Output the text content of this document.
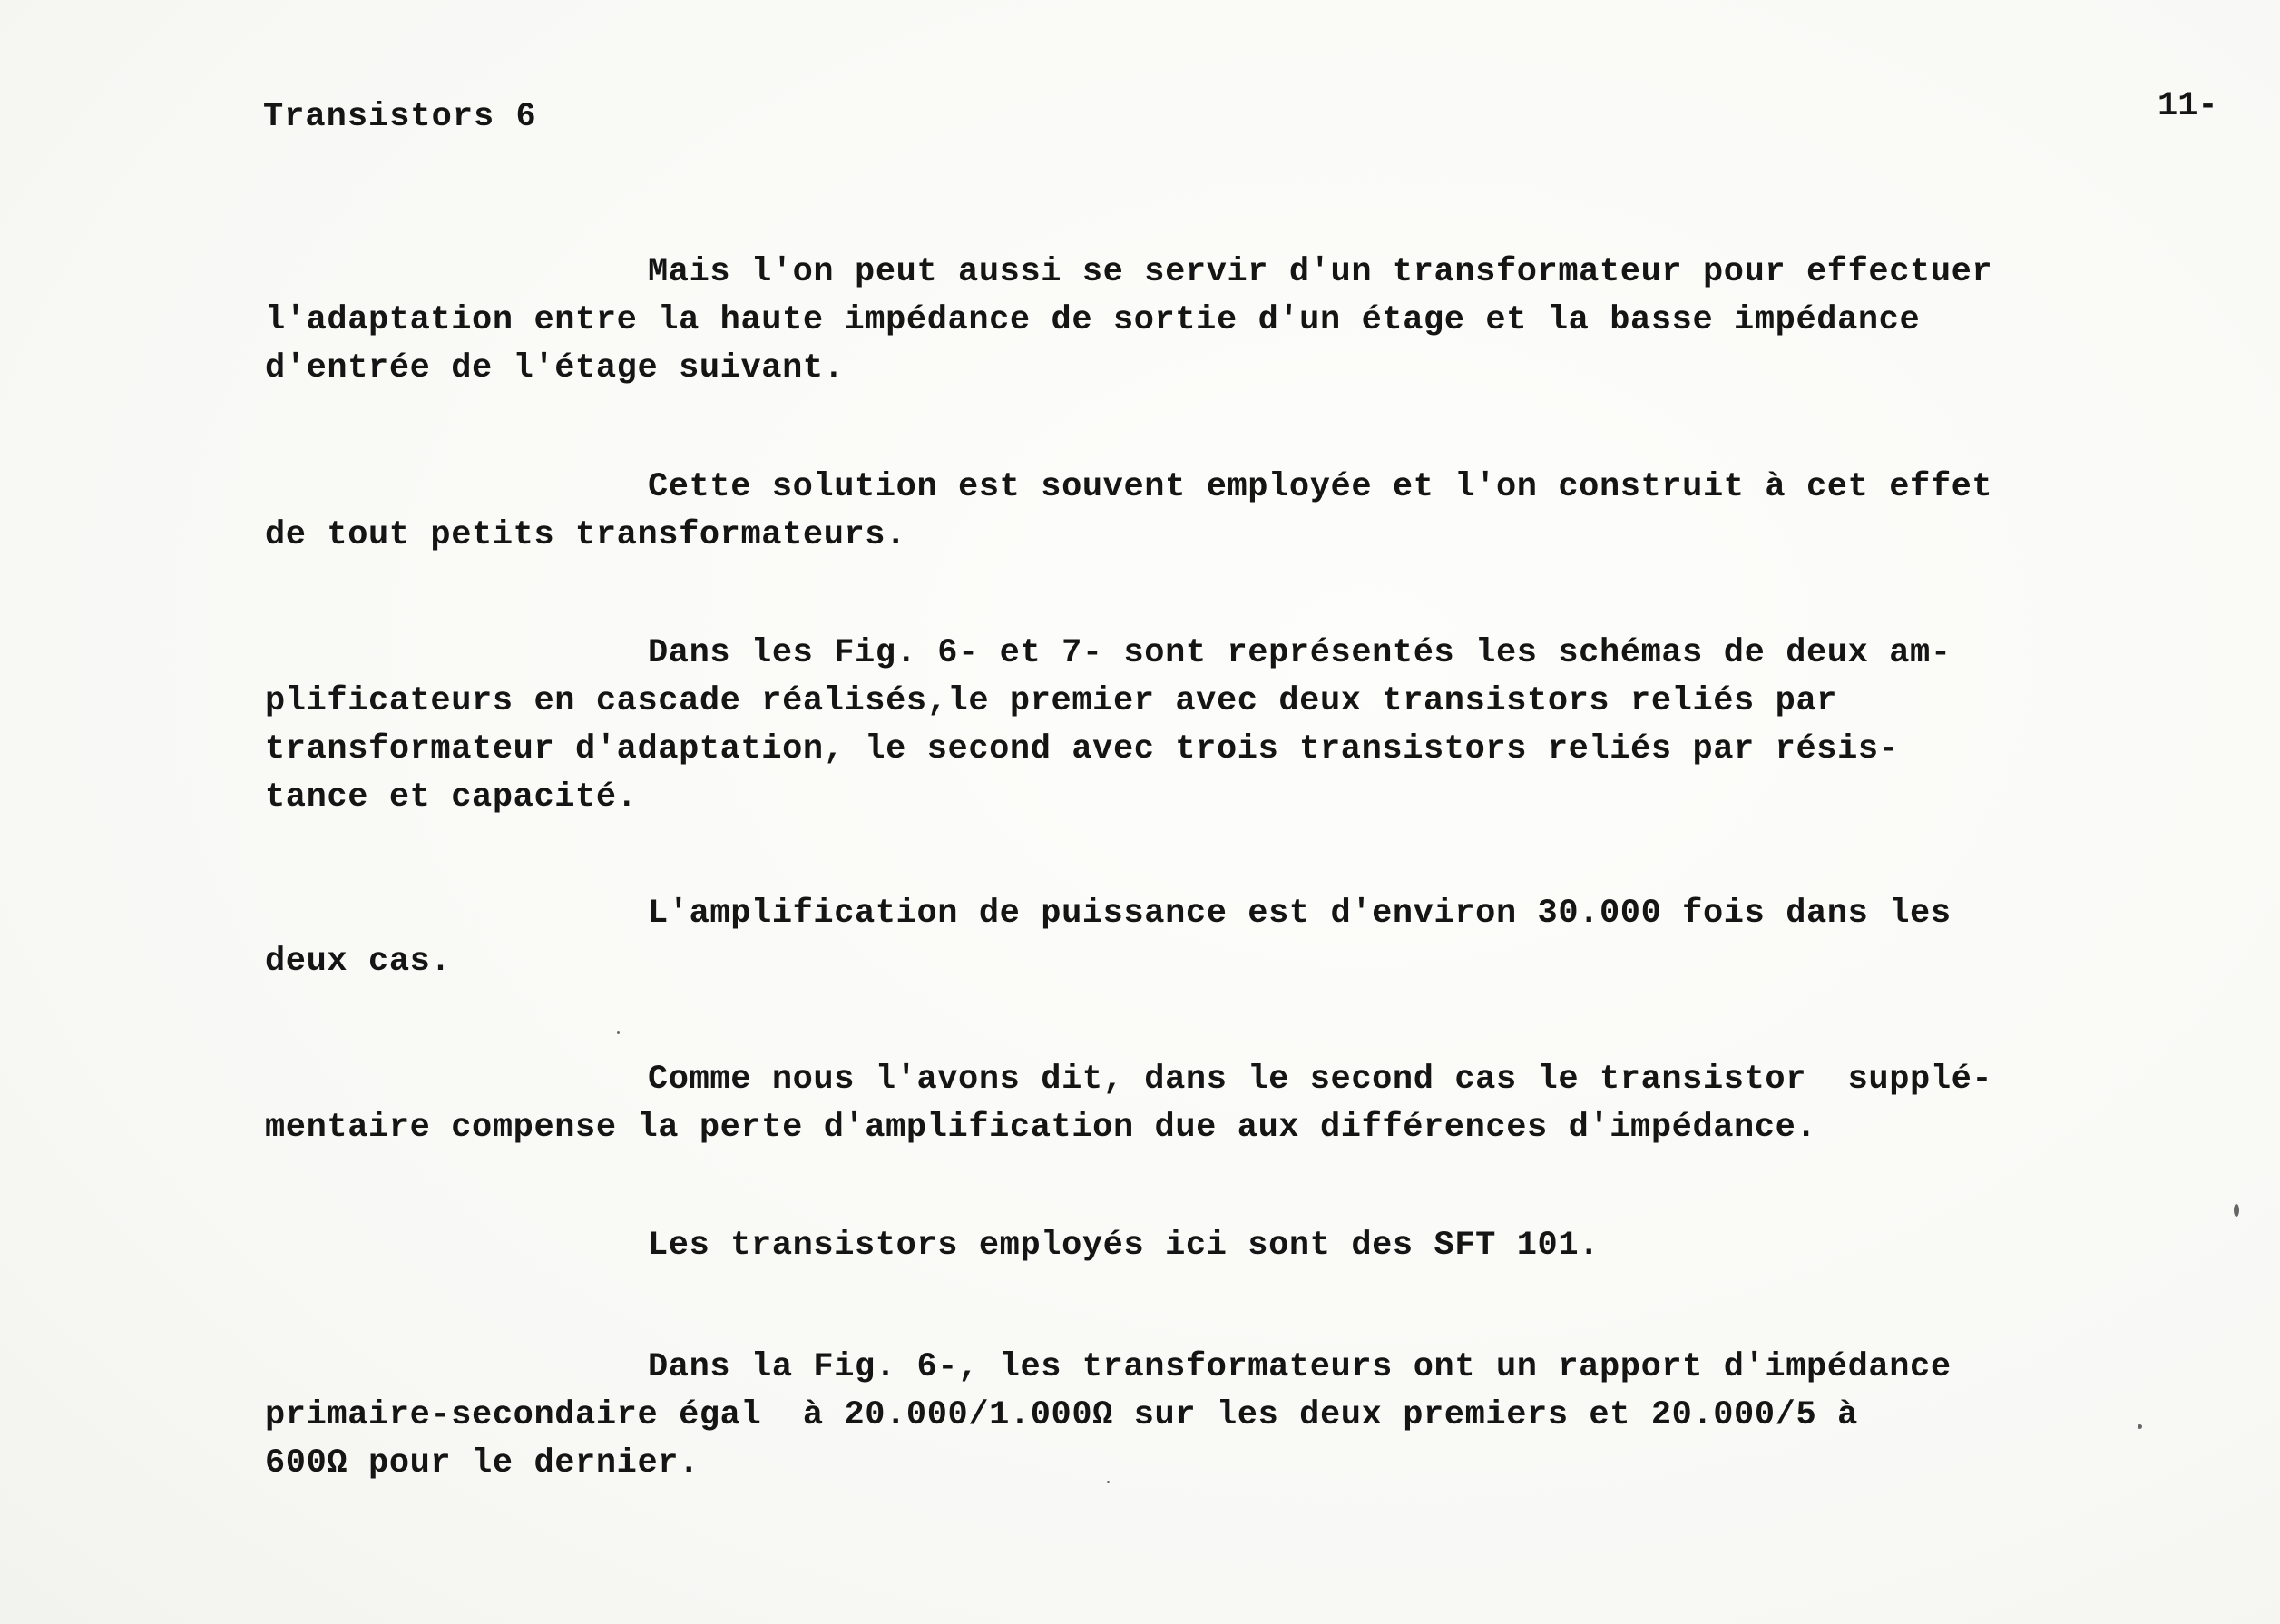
Transistors 6	11-
Mais l'on peut aussi se servir d'un transformateur pour effectuer
l'adaptation entre la haute impédance de sortie d'un étage et la basse impédance
d'entrée de l'étage suivant.
Cette solution est souvent employée et l'on construit à cet effet
de tout petits transformateurs.
Dans les Fig. 6- et 7- sont représentés les schémas de deux am-
plificateurs en cascade réalisés,le premier avec deux transistors reliés par
transformateur d'adaptation, le second avec trois transistors reliés par résis-
tance et capacité.
L'amplification de puissance est d'environ 30.000 fois dans les
deux cas.
Comme nous l'avons dit, dans le second cas le transistor  supplé-
mentaire compense la perte d'amplification due aux différences d'impédance.
Les transistors employés ici sont des SFT 101.
Dans la Fig. 6-, les transformateurs ont un rapport d'impédance
primaire-secondaire égal  à 20.000/1.000Ω sur les deux premiers et 20.000/5 à
600Ω pour le dernier.
